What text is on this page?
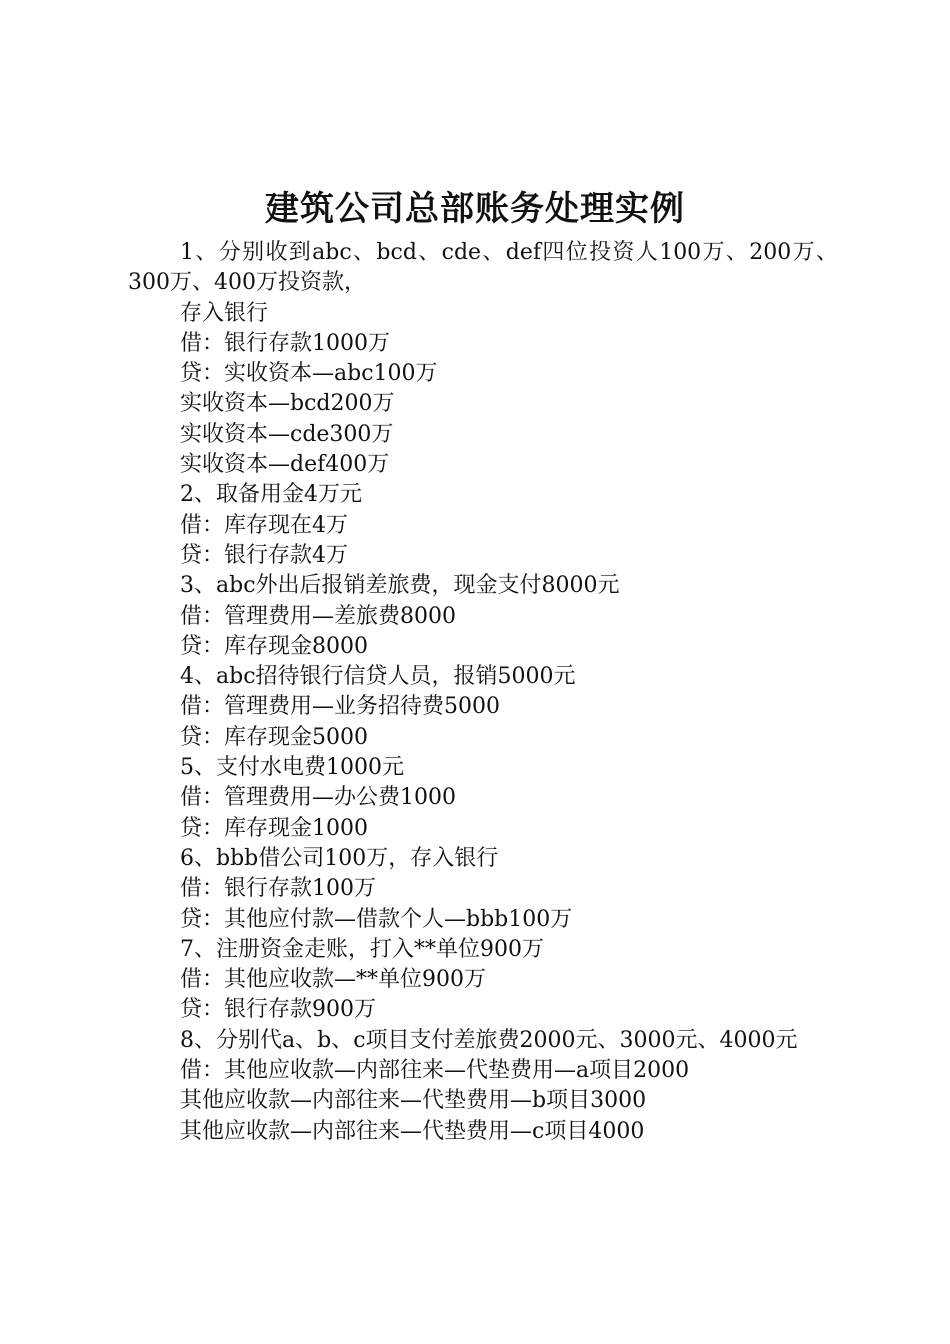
建筑公司总部账务处理实例
1、分别收到abc、bcd、cde、def四位投资人100万、200万、300万、400万投资款，
存入银行
借：银行存款1000万
贷：实收资本—abc100万
实收资本—bcd200万
实收资本—cde300万
实收资本—def400万
2、取备用金4万元
借：库存现在4万
贷：银行存款4万
3、abc外出后报销差旅费，现金支付8000元
借：管理费用—差旅费8000
贷：库存现金8000
4、abc招待银行信贷人员，报销5000元
借：管理费用—业务招待费5000
贷：库存现金5000
5、支付水电费1000元
借：管理费用—办公费1000
贷：库存现金1000
6、bbb借公司100万，存入银行
借：银行存款100万
贷：其他应付款—借款个人—bbb100万
7、注册资金走账，打入**单位900万
借：其他应收款—**单位900万
贷：银行存款900万
8、分别代a、b、c项目支付差旅费2000元、3000元、4000元
借：其他应收款—内部往来—代垫费用—a项目2000
其他应收款—内部往来—代垫费用—b项目3000
其他应收款—内部往来—代垫费用—c项目4000
